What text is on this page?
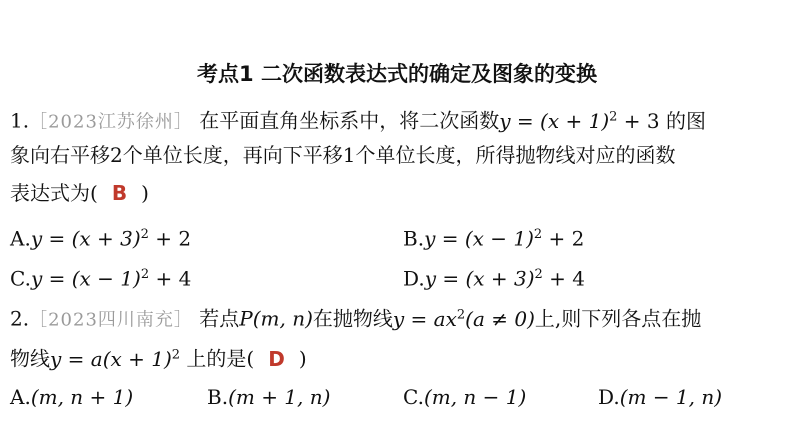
考点1 二次函数表达式的确定及图象的变换
1.［2023江苏徐州］ 在平面直角坐标系中，将二次函数$y = (x + 1)^2 + 3$ 的图
象向右平移2个单位长度，再向下平移1个单位长度，所得抛物线对应的函数
表达式为( B )
$A.y = (x + 3)^2 + 2$	$B.y = (x - 1)^2 + 2$
$C.y = (x - 1)^2 + 4$	$D.y = (x + 3)^2 + 4$
2.［2023四川南充］ 若点P(m, n)在抛物线$y = ax^2(a \ne 0)$上,则下列各点在抛
物线$y = a(x + 1)^2$ 上的是( D )
A.(m, n + 1)	B.(m + 1, n)	C.(m, n − 1)	D.(m − 1, n)
